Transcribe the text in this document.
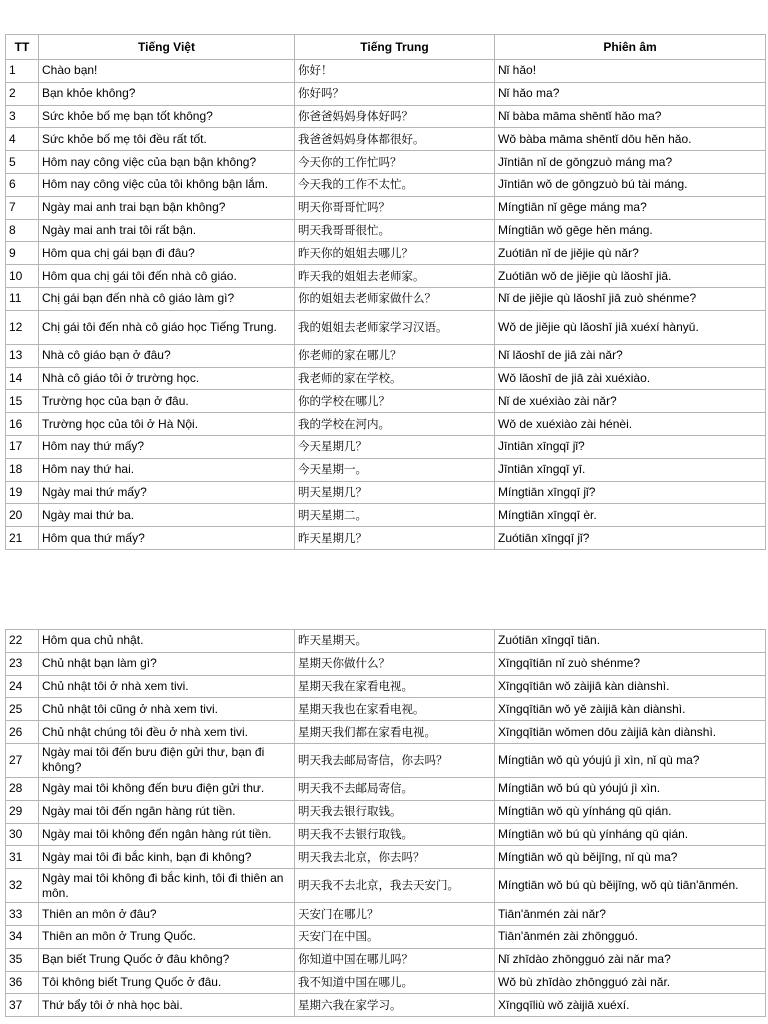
TT	Tiếng Việt	Tiếng Trung	Phiên âm
1	Chào bạn!	你好！	Nǐ hǎo!
2	Bạn khỏe không?	你好吗？	Nǐ hǎo ma?
3	Sức khỏe bố mẹ bạn tốt không?	你爸爸妈妈身体好吗？	Nǐ bàba māma shēntǐ hǎo ma?
4	Sức khỏe bố mẹ tôi đều rất tốt.	我爸爸妈妈身体都很好。	Wǒ bàba māma shēntǐ dōu hěn hǎo.
5	Hôm nay công việc của bạn bận không?	今天你的工作忙吗？	Jīntiān nǐ de gōngzuò máng ma?
6	Hôm nay công việc của tôi không bận lắm.	今天我的工作不太忙。	Jīntiān wǒ de gōngzuò bú tài máng.
7	Ngày mai anh trai bạn bận không?	明天你哥哥忙吗？	Míngtiān nǐ gēge máng ma?
8	Ngày mai anh trai tôi rất bận.	明天我哥哥很忙。	Míngtiān wǒ gēge hěn máng.
9	Hôm qua chị gái bạn đi đâu?	昨天你的姐姐去哪儿？	Zuótiān nǐ de jiějie qù nǎr?
10	Hôm qua chị gái tôi đến nhà cô giáo.	昨天我的姐姐去老师家。	Zuótiān wǒ de jiějie qù lǎoshī jiā.
11	Chị gái bạn đến nhà cô giáo làm gì?	你的姐姐去老师家做什么？	Nǐ de jiějie qù lǎoshī jiā zuò shénme?
12	Chị gái tôi đến nhà cô giáo học Tiếng Trung.	我的姐姐去老师家学习汉语。	Wǒ de jiějie qù lǎoshī jiā xuéxí hànyǔ.
13	Nhà cô giáo bạn ở đâu?	你老师的家在哪儿？	Nǐ lǎoshī de jiā zài nǎr?
14	Nhà cô giáo tôi ở trường học.	我老师的家在学校。	Wǒ lǎoshī de jiā zài xuéxiào.
15	Trường học của bạn ở đâu.	你的学校在哪儿？	Nǐ de xuéxiào zài nǎr?
16	Trường học của tôi ở Hà Nội.	我的学校在河内。	Wǒ de xuéxiào zài hénèi.
17	Hôm nay thứ mấy?	今天星期几？	Jīntiān xīngqī jǐ?
18	Hôm nay thứ hai.	今天星期一。	Jīntiān xīngqī yī.
19	Ngày mai thứ mấy?	明天星期几？	Míngtiān xīngqī jǐ?
20	Ngày mai thứ ba.	明天星期二。	Míngtiān xīngqī èr.
21	Hôm qua thứ mấy?	昨天星期几？	Zuótiān xīngqī jǐ?
22	Hôm qua chủ nhật.	昨天星期天。	Zuótiān xīngqī tiān.
23	Chủ nhật bạn làm gì?	星期天你做什么？	Xīngqītiān nǐ zuò shénme?
24	Chủ nhật tôi ở nhà xem tivi.	星期天我在家看电视。	Xīngqītiān wǒ zàijiā kàn diànshì.
25	Chủ nhật tôi cũng ở nhà xem tivi.	星期天我也在家看电视。	Xīngqītiān wǒ yě zàijiā kàn diànshì.
26	Chủ nhật chúng tôi đều ở nhà xem tivi.	星期天我们都在家看电视。	Xīngqītiān wǒmen dōu zàijiā kàn diànshì.
27	Ngày mai tôi đến bưu điện gửi thư, bạn đi không?	明天我去邮局寄信，你去吗？	Míngtiān wǒ qù yóujú jì xìn, nǐ qù ma?
28	Ngày mai tôi không đến bưu điện gửi thư.	明天我不去邮局寄信。	Míngtiān wǒ bú qù yóujú jì xìn.
29	Ngày mai tôi đến ngân hàng rút tiền.	明天我去银行取钱。	Míngtiān wǒ qù yínháng qǔ qián.
30	Ngày mai tôi không đến ngân hàng rút tiền.	明天我不去银行取钱。	Míngtiān wǒ bú qù yínháng qǔ qián.
31	Ngày mai tôi đi bắc kinh, bạn đi không?	明天我去北京，你去吗？	Míngtiān wǒ qù běijīng, nǐ qù ma?
32	Ngày mai tôi không đi bắc kinh, tôi đi thiên an môn.	明天我不去北京，我去天安门。	Míngtiān wǒ bú qù běijīng, wǒ qù tiān'ānmén.
33	Thiên an môn ở đâu?	天安门在哪儿？	Tiān'ānmén zài nǎr?
34	Thiên an môn ở Trung Quốc.	天安门在中国。	Tiān'ānmén zài zhōngguó.
35	Bạn biết Trung Quốc ở đâu không?	你知道中国在哪儿吗？	Nǐ zhīdào zhōngguó zài nǎr ma?
36	Tôi không biết Trung Quốc ở đâu.	我不知道中国在哪儿。	Wǒ bù zhīdào zhōngguó zài nǎr.
37	Thứ bẩy tôi ở nhà học bài.	星期六我在家学习。	Xīngqīliù wǒ zàijiā xuéxí.
